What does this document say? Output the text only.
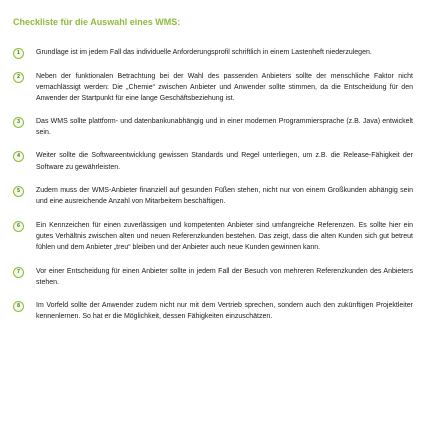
Checkliste für die Auswahl eines WMS:
1	Grundlage ist im jedem Fall das individuelle Anforderungsprofil schriftlich in einem Lastenheft niederzulegen.
2	Neben der funktionalen Betrachtung bei der Wahl des passenden Anbieters sollte der menschliche Faktor nicht vernachlässigt werden: Die „Chemie“ zwischen Anbieter und Anwender sollte stimmen, da die Entscheidung für den Anwender der Startpunkt für eine lange Geschäftsbeziehung ist.
3	Das WMS sollte plattform- und datenbankunabhängig und in einer modernen Programmiersprache (z.B. Java) entwickelt sein.
4	Weiter sollte die Softwareentwicklung gewissen Standards und Regel unterliegen, um z.B. die Release-Fähigkeit der Software zu gewährleisten.
5	Zudem muss der WMS-Anbieter finanziell auf gesunden Füßen stehen, nicht nur von einem Großkunden abhängig sein und eine ausreichende Anzahl von Mitarbeitern beschäftigen.
6	Ein Kennzeichen für einen zuverlässigen und kompetenten Anbieter sind umfangreiche Referenzen. Es sollte hier ein gutes Verhältnis zwischen alten und neuen Referenzkunden bestehen. Das zeigt, dass die alten Kunden sich gut betreut fühlen und dem Anbieter „treu“ bleiben und der Anbieter auch neue Kunden gewinnen kann.
7	Vor einer Entscheidung für einen Anbieter sollte in jedem Fall der Besuch von mehreren Referenzkunden des Anbieters stehen.
8	Im Vorfeld sollte der Anwender zudem nicht nur mit dem Vertrieb sprechen, sondern auch den zukünftigen Projektleiter kennenlernen. So hat er die Möglichkeit, dessen Fähigkeiten einzuschätzen.
